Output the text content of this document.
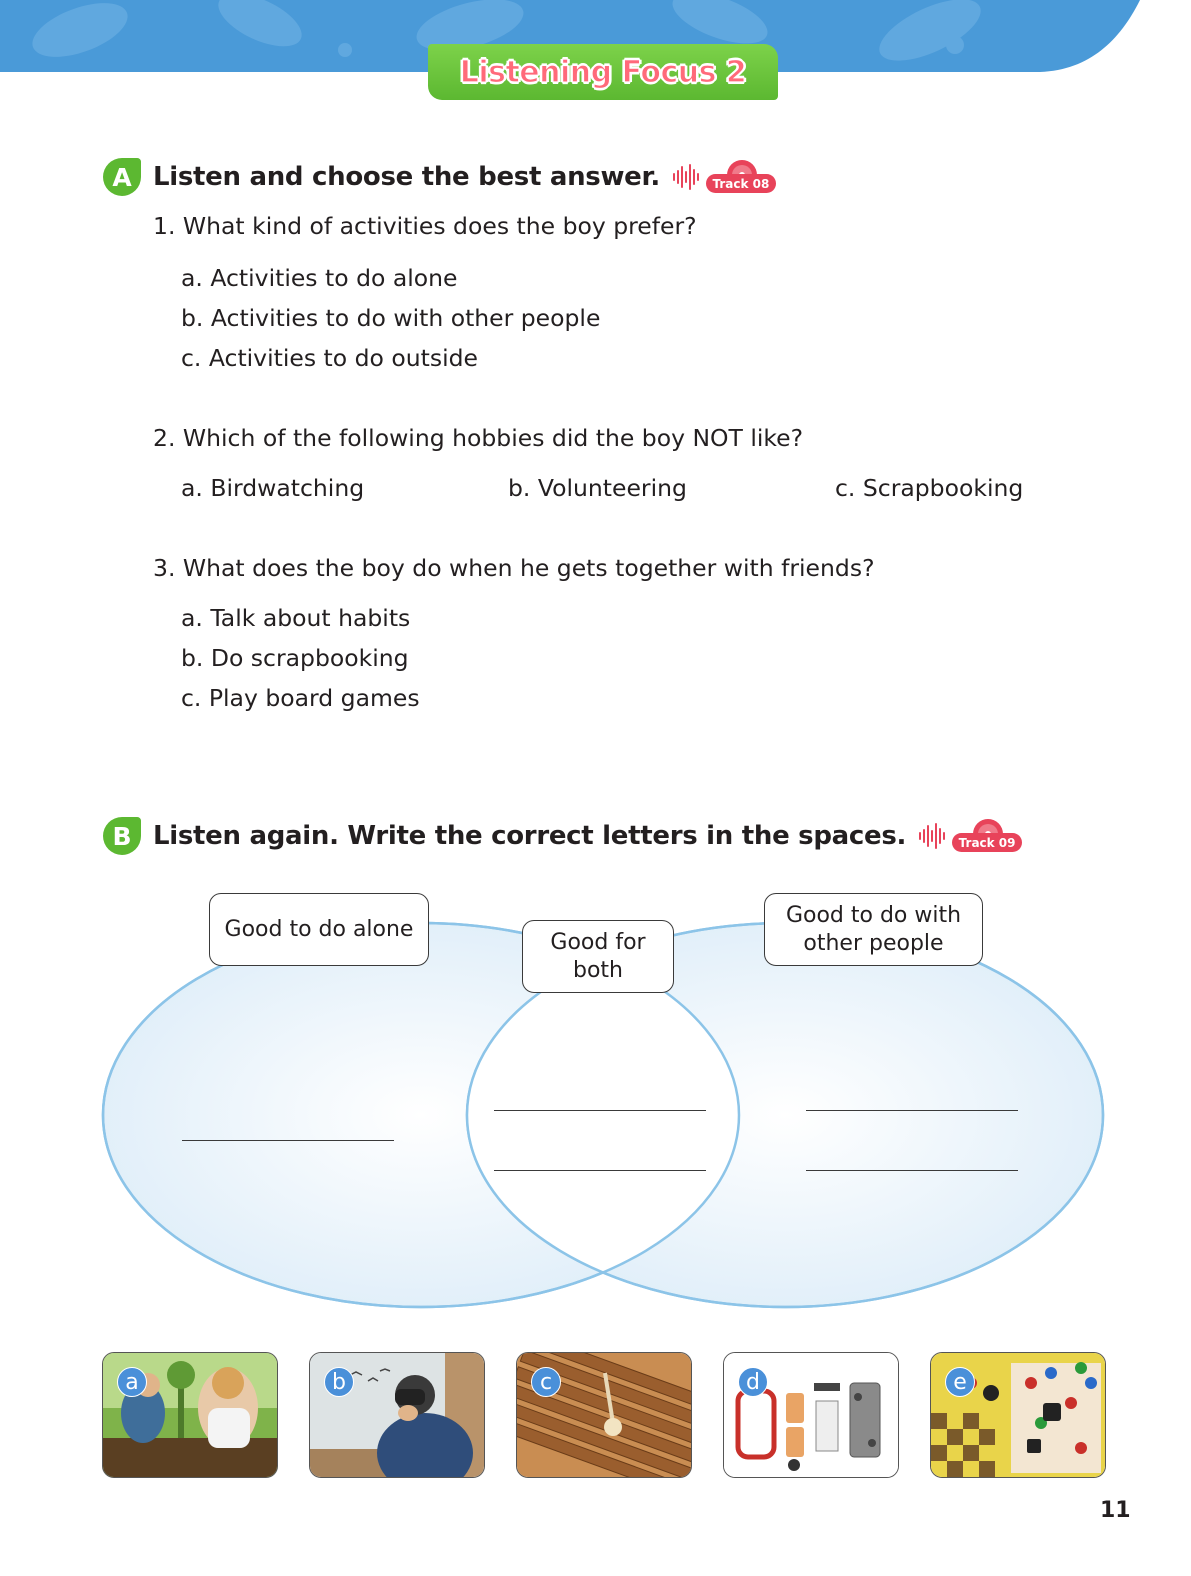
Listening Focus 2
A Listen and choose the best answer.	Track 08
1. What kind of activities does the boy prefer?
a. Activities to do alone
b. Activities to do with other people
c. Activities to do outside
2. Which of the following hobbies did the boy NOT like?
a. Birdwatching	b. Volunteering	c. Scrapbooking
3. What does the boy do when he gets together with friends?
a. Talk about habits
b. Do scrapbooking
c. Play board games
B Listen again. Write the correct letters in the spaces.	Track 09
Good to do alone
Good for
both
Good to do with
other people
a	b	c	d	e
11
